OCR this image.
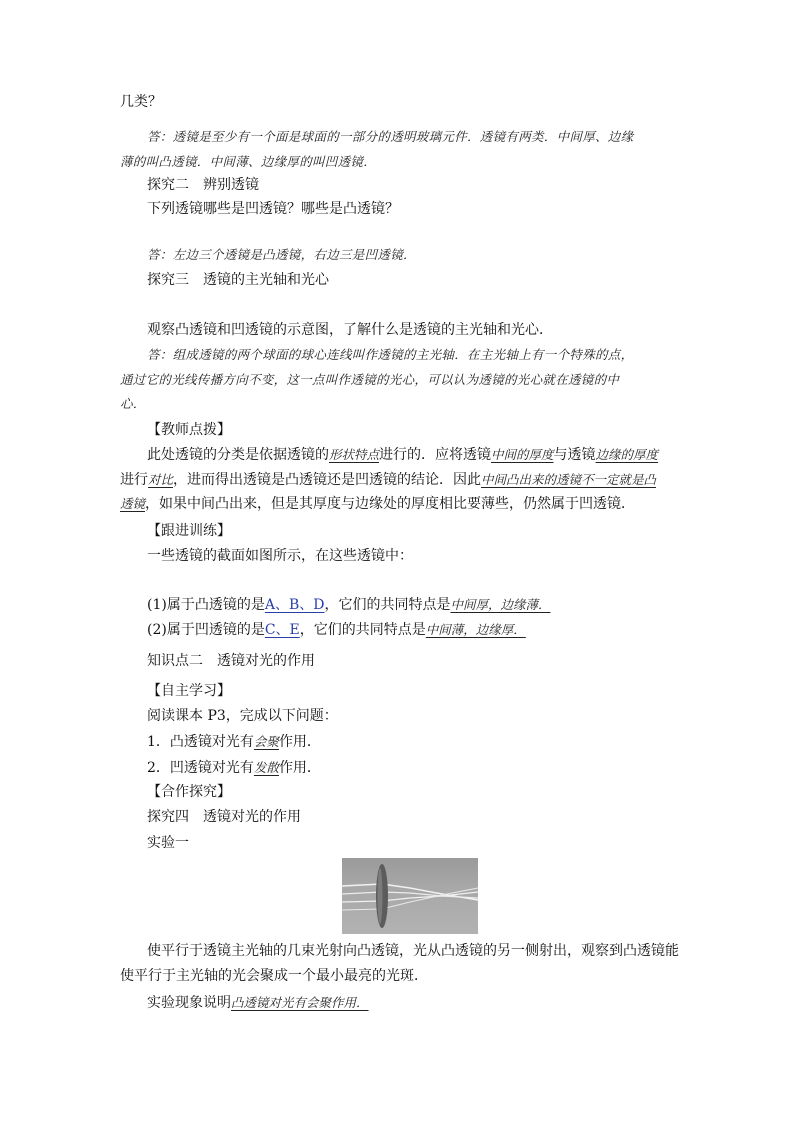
几类？
答：透镜是至少有一个面是球面的一部分的透明玻璃元件．透镜有两类．中间厚、边缘
薄的叫凸透镜．中间薄、边缘厚的叫凹透镜．
探究二　辨别透镜
下列透镜哪些是凹透镜？哪些是凸透镜？
答：左边三个透镜是凸透镜，右边三是凹透镜．
探究三　透镜的主光轴和光心
观察凸透镜和凹透镜的示意图，了解什么是透镜的主光轴和光心．
答：组成透镜的两个球面的球心连线叫作透镜的主光轴．在主光轴上有一个特殊的点，
通过它的光线传播方向不变，这一点叫作透镜的光心，可以认为透镜的光心就在透镜的中
心．
【教师点拨】
此处透镜的分类是依据透镜的形状特点进行的．应将透镜中间的厚度与透镜边缘的厚度
进行对比，进而得出透镜是凸透镜还是凹透镜的结论．因此中间凸出来的透镜不一定就是凸
透镜，如果中间凸出来，但是其厚度与边缘处的厚度相比要薄些，仍然属于凹透镜．
【跟进训练】
一些透镜的截面如图所示，在这些透镜中：
(1)属于凸透镜的是A、B、D，它们的共同特点是中间厚，边缘薄．
(2)属于凹透镜的是C、E，它们的共同特点是中间薄，边缘厚．
知识点二　透镜对光的作用
【自主学习】
阅读课本 P3，完成以下问题：
1．凸透镜对光有会聚作用．
2．凹透镜对光有发散作用．
【合作探究】
探究四　透镜对光的作用
实验一
使平行于透镜主光轴的几束光射向凸透镜，光从凸透镜的另一侧射出，观察到凸透镜能
使平行于主光轴的光会聚成一个最小最亮的光斑．
实验现象说明凸透镜对光有会聚作用．
